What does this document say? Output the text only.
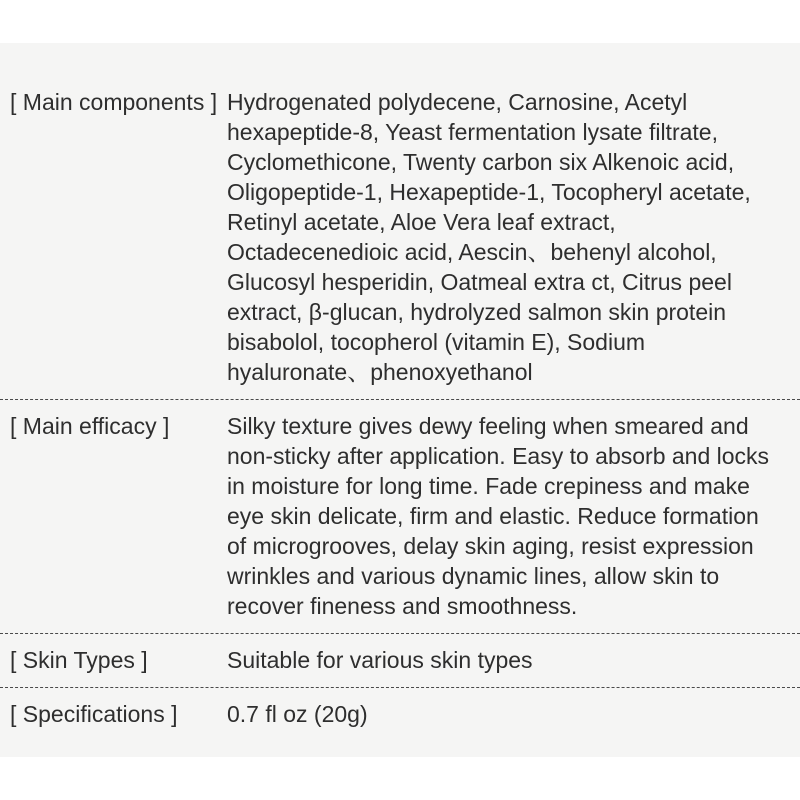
[ Main components ] Hydrogenated polydecene, Carnosine, Acetyl hexapeptide-8, Yeast fermentation lysate filtrate, Cyclomethicone, Twenty carbon six Alkenoic acid, Oligopeptide-1, Hexapeptide-1, Tocopheryl acetate, Retinyl acetate, Aloe Vera leaf extract, Octadecenedioic acid, Aescin、behenyl alcohol, Glucosyl hesperidin, Oatmeal extra ct, Citrus peel extract, β-glucan, hydrolyzed salmon skin protein bisabolol, tocopherol (vitamin E), Sodium hyaluronate、phenoxyethanol
[ Main efficacy ]	Silky texture gives dewy feeling when smeared and non-sticky after application. Easy to absorb and locks in moisture for long time. Fade crepiness and make eye skin delicate, firm and elastic. Reduce formation of microgrooves, delay skin aging, resist expression wrinkles and various dynamic lines, allow skin to recover fineness and smoothness.
[ Skin Types ]	Suitable for various skin types
[ Specifications ]	0.7 fl oz (20g)
